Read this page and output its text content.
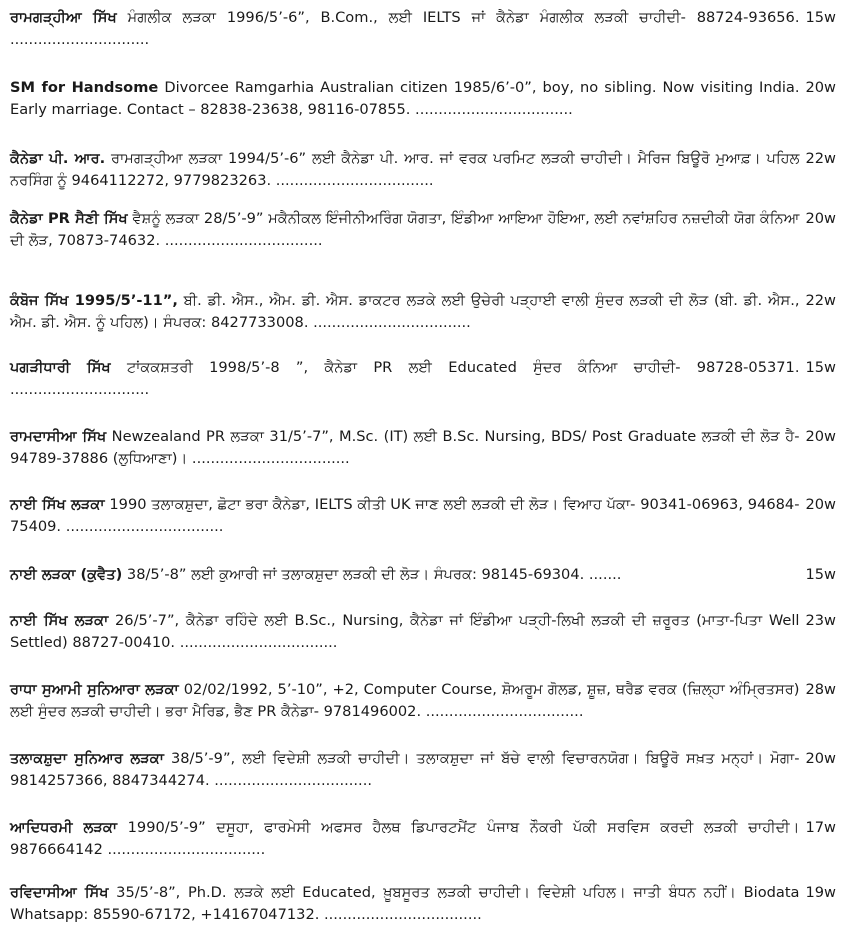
15w
ਰਾਮਗੜ੍ਹੀਆ ਸਿੱਖ ਮੰਗਲੀਕ ਲੜਕਾ 1996/5’-6”, B.Com., ਲਈ IELTS ਜਾਂ ਕੈਨੇਡਾ ਮੰਗਲੀਕ ਲੜਕੀ ਚਾਹੀਦੀ- 88724-93656. ..............................
20w
SM for Handsome Divorcee Ramgarhia Australian citizen 1985/6’-0”, boy, no sibling. Now visiting India. Early marriage. Contact – 82838-23638, 98116-07855. ..................................
22w
ਕੈਨੇਡਾ ਪੀ. ਆਰ. ਰਾਮਗੜ੍ਹੀਆ ਲੜਕਾ 1994/5’-6” ਲਈ ਕੈਨੇਡਾ ਪੀ. ਆਰ. ਜਾਂ ਵਰਕ ਪਰਮਿਟ ਲੜਕੀ ਚਾਹੀਦੀ। ਮੈਰਿਜ ਬਿਊਰੋ ਮੁਆਫ਼। ਪਹਿਲ ਨਰਸਿੰਗ ਨੂੰ 9464112272, 9779823263. ..................................
20w
ਕੈਨੇਡਾ PR ਸੈਣੀ ਸਿੱਖ ਵੈਸ਼ਨੂੰ ਲੜਕਾ 28/5’-9” ਮਕੈਨੀਕਲ ਇੰਜੀਨੀਅਰਿੰਗ ਯੋਗਤਾ, ਇੰਡੀਆ ਆਇਆ ਹੋਇਆ, ਲਈ ਨਵਾਂਸ਼ਹਿਰ ਨਜ਼ਦੀਕੀ ਯੋਗ ਕੰਨਿਆ ਦੀ ਲੋੜ, 70873-74632. ..................................
22w
ਕੰਬੋਜ ਸਿੱਖ 1995/5’-11”, ਬੀ. ਡੀ. ਐਸ., ਐਮ. ਡੀ. ਐਸ. ਡਾਕਟਰ ਲੜਕੇ ਲਈ ਉਚੇਰੀ ਪੜ੍ਹਾਈ ਵਾਲੀ ਸੁੰਦਰ ਲੜਕੀ ਦੀ ਲੋੜ (ਬੀ. ਡੀ. ਐਸ., ਐਮ. ਡੀ. ਐਸ. ਨੂੰ ਪਹਿਲ)। ਸੰਪਰਕ: 8427733008. ..................................
15w
ਪਗੜੀਧਾਰੀ ਸਿੱਖ ਟਾਂਕਕਸ਼ਤਰੀ 1998/5’-8 ”, ਕੈਨੇਡਾ PR ਲਈ Educated ਸੁੰਦਰ ਕੰਨਿਆ ਚਾਹੀਦੀ- 98728-05371. ..............................
20w
ਰਾਮਦਾਸੀਆ ਸਿੱਖ Newzealand PR ਲੜਕਾ 31/5’-7”, M.Sc. (IT) ਲਈ B.Sc. Nursing, BDS/ Post Graduate ਲੜਕੀ ਦੀ ਲੋੜ ਹੈ- 94789-37886 (ਲੁਧਿਆਣਾ)। ..................................
20w
ਨਾਈ ਸਿੱਖ ਲੜਕਾ 1990 ਤਲਾਕਸ਼ੁਦਾ, ਛੋਟਾ ਭਰਾ ਕੈਨੇਡਾ, IELTS ਕੀਤੀ UK ਜਾਣ ਲਈ ਲੜਕੀ ਦੀ ਲੋੜ। ਵਿਆਹ ਪੱਕਾ- 90341-06963, 94684-75409. ..................................
15w
ਨਾਈ ਲੜਕਾ (ਕੁਵੈਤ) 38/5’-8” ਲਈ ਕੁਆਰੀ ਜਾਂ ਤਲਾਕਸ਼ੁਦਾ ਲੜਕੀ ਦੀ ਲੋੜ। ਸੰਪਰਕ: 98145-69304. .......
23w
ਨਾਈ ਸਿੱਖ ਲੜਕਾ 26/5’-7”, ਕੈਨੇਡਾ ਰਹਿੰਦੇ ਲਈ B.Sc., Nursing, ਕੈਨੇਡਾ ਜਾਂ ਇੰਡੀਆ ਪੜ੍ਹੀ-ਲਿਖੀ ਲੜਕੀ ਦੀ ਜ਼ਰੂਰਤ (ਮਾਤਾ-ਪਿਤਾ Well Settled) 88727-00410. ..................................
28w
ਰਾਧਾ ਸੁਆਮੀ ਸੁਨਿਆਰਾ ਲੜਕਾ 02/02/1992, 5’-10”, +2, Computer Course, ਸ਼ੋਅਰੂਮ ਗੋਲਡ, ਸ਼ੂਜ਼, ਥਰੈਡ ਵਰਕ (ਜ਼ਿਲ੍ਹਾ ਅੰਮ੍ਰਿਤਸਰ) ਲਈ ਸੁੰਦਰ ਲੜਕੀ ਚਾਹੀਦੀ। ਭਰਾ ਮੈਰਿਡ, ਭੈਣ PR ਕੈਨੇਡਾ- 9781496002. ..................................
20w
ਤਲਾਕਸ਼ੁਦਾ ਸੁਨਿਆਰ ਲੜਕਾ 38/5’-9”, ਲਈ ਵਿਦੇਸ਼ੀ ਲੜਕੀ ਚਾਹੀਦੀ। ਤਲਾਕਸ਼ੁਦਾ ਜਾਂ ਬੱਚੇ ਵਾਲੀ ਵਿਚਾਰਨਯੋਗ। ਬਿਊਰੋ ਸਖ਼ਤ ਮਨ੍ਹਾਂ। ਮੋਗਾ- 9814257366, 8847344274. ..................................
17w
ਆਦਿਧਰਮੀ ਲੜਕਾ 1990/5’-9” ਦਸੂਹਾ, ਫਾਰਮੇਸੀ ਅਫਸਰ ਹੈਲਥ ਡਿਪਾਰਟਮੈਂਟ ਪੰਜਾਬ ਨੌਕਰੀ ਪੱਕੀ ਸਰਵਿਸ ਕਰਦੀ ਲੜਕੀ ਚਾਹੀਦੀ। 9876664142 ..................................
19w
ਰਵਿਦਾਸੀਆ ਸਿੱਖ 35/5’-8”, Ph.D. ਲੜਕੇ ਲਈ Educated, ਖ਼ੂਬਸੂਰਤ ਲੜਕੀ ਚਾਹੀਦੀ। ਵਿਦੇਸ਼ੀ ਪਹਿਲ। ਜਾਤੀ ਬੰਧਨ ਨਹੀਂ। Biodata Whatsapp: 85590-67172, +14167047132. ..................................
